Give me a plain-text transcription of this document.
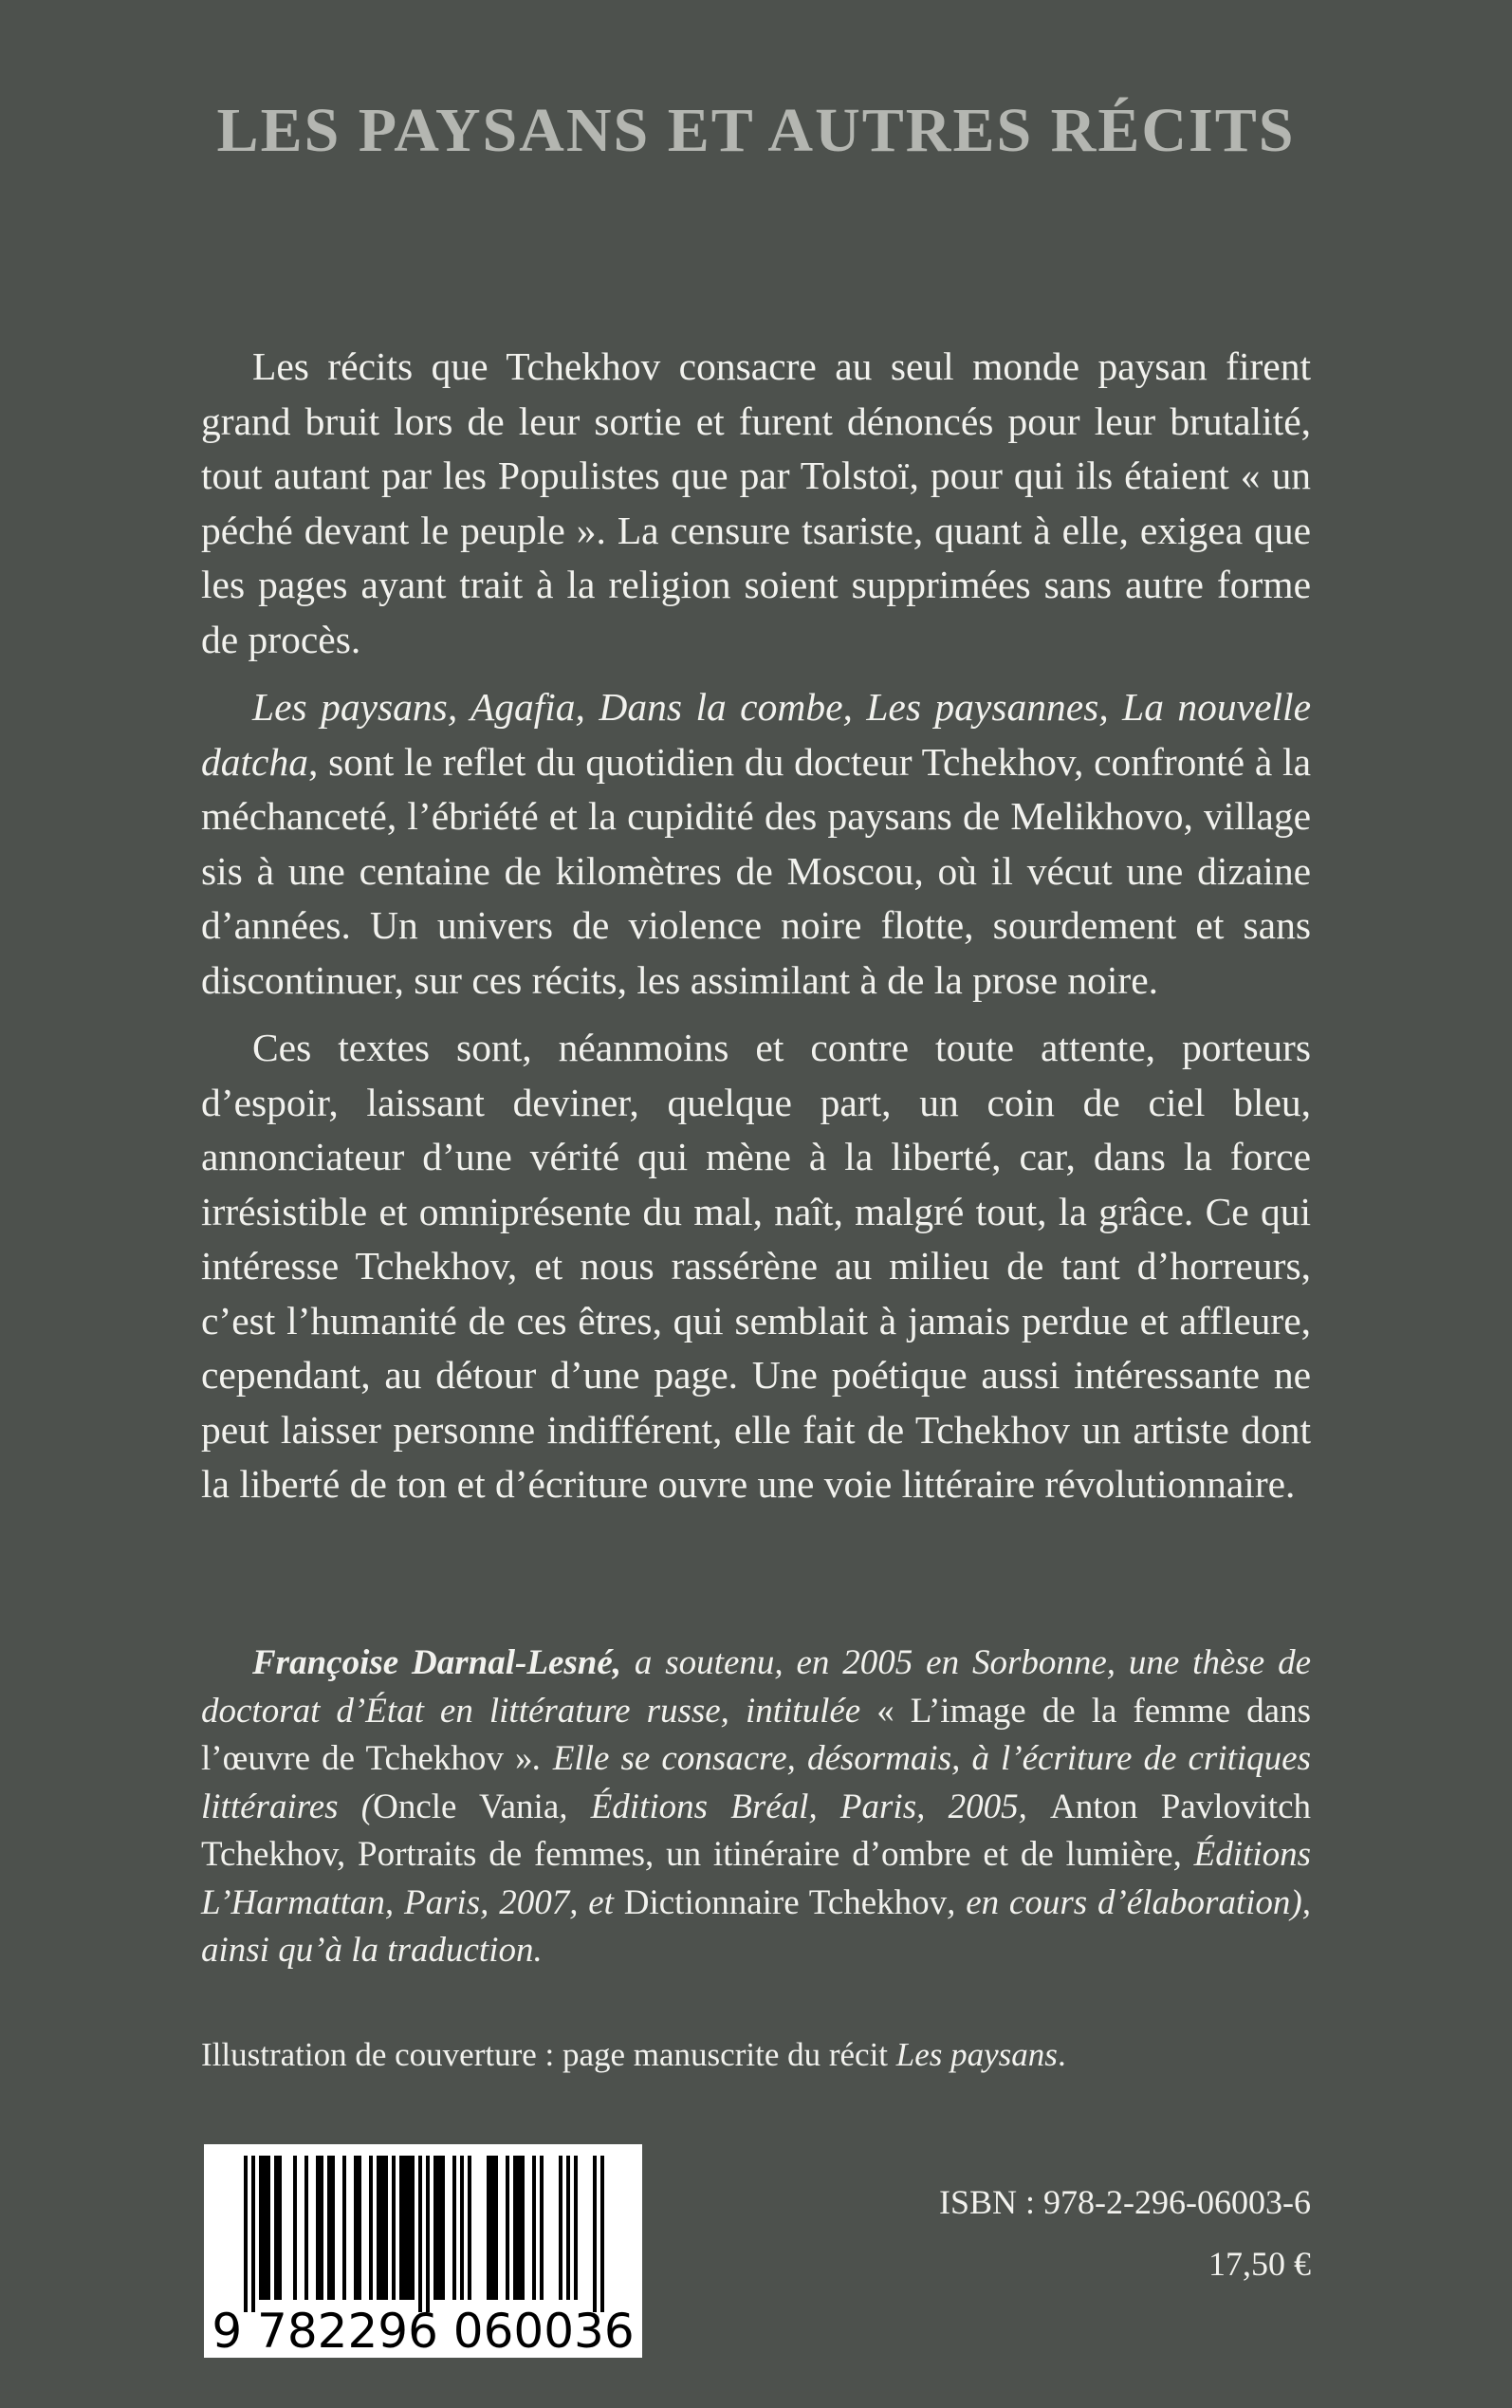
LES PAYSANS ET AUTRES RÉCITS

Les récits que Tchekhov consacre au seul monde paysan firent grand bruit lors de leur sortie et furent dénoncés pour leur brutalité, tout autant par les Populistes que par Tolstoï, pour qui ils étaient « un péché devant le peuple ». La censure tsariste, quant à elle, exigea que les pages ayant trait à la religion soient supprimées sans autre forme de procès.

Les paysans, Agafia, Dans la combe, Les paysannes, La nouvelle datcha, sont le reflet du quotidien du docteur Tchekhov, confronté à la méchanceté, l’ébriété et la cupidité des paysans de Melikhovo, village sis à une centaine de kilomètres de Moscou, où il vécut une dizaine d’années. Un univers de violence noire flotte, sourdement et sans discontinuer, sur ces récits, les assimilant à de la prose noire.

Ces textes sont, néanmoins et contre toute attente, porteurs d’espoir, laissant deviner, quelque part, un coin de ciel bleu, annonciateur d’une vérité qui mène à la liberté, car, dans la force irrésistible et omniprésente du mal, naît, malgré tout, la grâce. Ce qui intéresse Tchekhov, et nous rassérène au milieu de tant d’horreurs, c’est l’humanité de ces êtres, qui semblait à jamais perdue et affleure, cependant, au détour d’une page. Une poétique aussi intéressante ne peut laisser personne indifférent, elle fait de Tchekhov un artiste dont la liberté de ton et d’écriture ouvre une voie littéraire révolutionnaire.

Françoise Darnal-Lesné, a soutenu, en 2005 en Sorbonne, une thèse de doctorat d’État en littérature russe, intitulée « L’image de la femme dans l’œuvre de Tchekhov ». Elle se consacre, désormais, à l’écriture de critiques littéraires (Oncle Vania, Éditions Bréal, Paris, 2005, Anton Pavlovitch Tchekhov, Portraits de femmes, un itinéraire d’ombre et de lumière, Éditions L’Harmattan, Paris, 2007, et Dictionnaire Tchekhov, en cours d’élaboration), ainsi qu’à la traduction.
Illustration de couverture : page manuscrite du récit Les paysans.
9 782296 060036
ISBN : 978-2-296-06003-6
17,50 €
